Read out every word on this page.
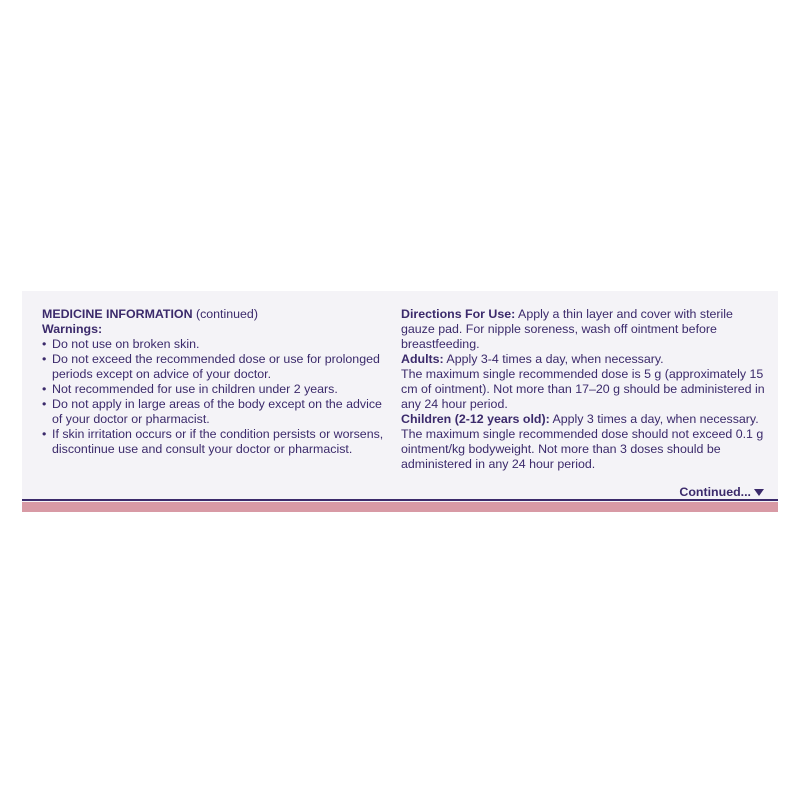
MEDICINE INFORMATION (continued)
Warnings:
• Do not use on broken skin.
• Do not exceed the recommended dose or use for prolonged periods except on advice of your doctor.
• Not recommended for use in children under 2 years.
• Do not apply in large areas of the body except on the advice of your doctor or pharmacist.
• If skin irritation occurs or if the condition persists or worsens, discontinue use and consult your doctor or pharmacist.

Directions For Use: Apply a thin layer and cover with sterile gauze pad. For nipple soreness, wash off ointment before breastfeeding.

Adults: Apply 3-4 times a day, when necessary.

The maximum single recommended dose is 5 g (approximately 15 cm of ointment). Not more than 17–20 g should be administered in any 24 hour period.

Children (2-12 years old): Apply 3 times a day, when necessary.

The maximum single recommended dose should not exceed 0.1 g ointment/kg bodyweight. Not more than 3 doses should be administered in any 24 hour period.

Continued...
